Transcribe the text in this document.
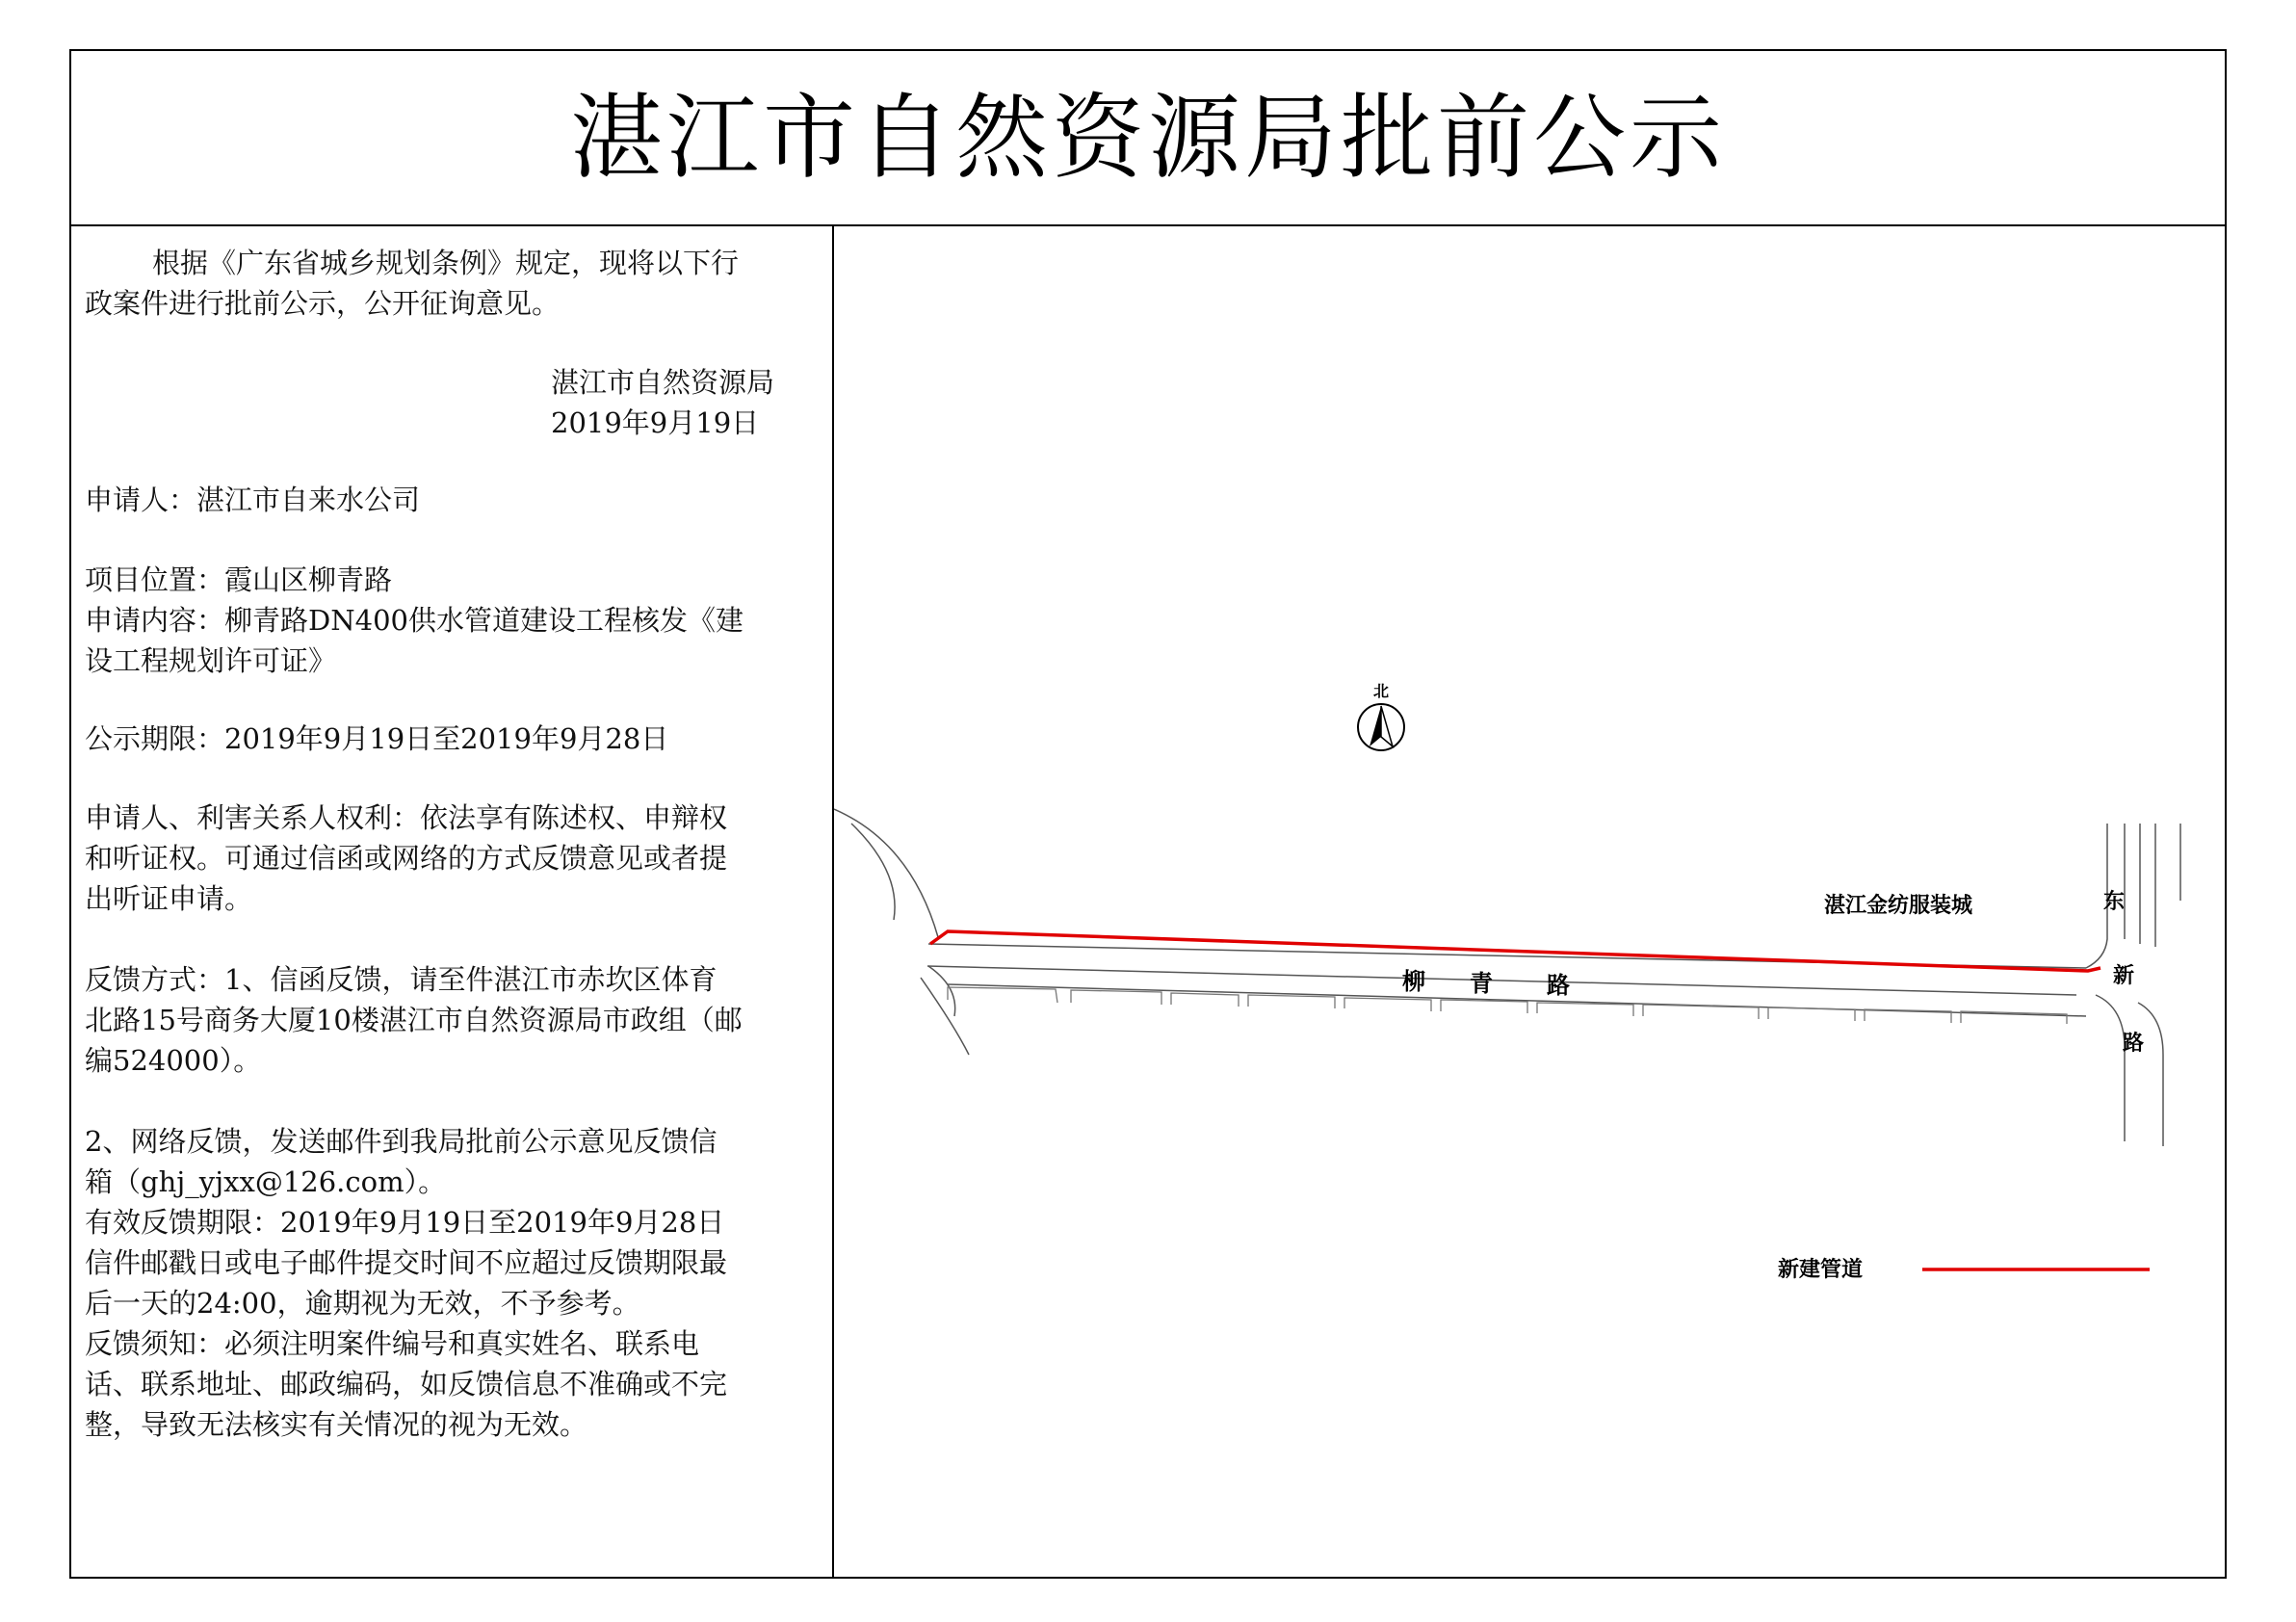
湛江市自然资源局批前公示
根据《广东省城乡规划条例》规定，现将以下行
政案件进行批前公示，公开征询意见。
湛江市自然资源局
2019年9月19日
申请人：湛江市自来水公司
项目位置：霞山区柳青路
申请内容：柳青路DN400供水管道建设工程核发《建
设工程规划许可证》
公示期限：2019年9月19日至2019年9月28日
申请人、利害关系人权利：依法享有陈述权、申辩权
和听证权。可通过信函或网络的方式反馈意见或者提
出听证申请。
反馈方式：1、信函反馈，请至件湛江市赤坎区体育
北路15号商务大厦10楼湛江市自然资源局市政组（邮
编524000）。
2、网络反馈，发送邮件到我局批前公示意见反馈信
箱（ghj_yjxx@126.com）。
有效反馈期限：2019年9月19日至2019年9月28日
信件邮戳日或电子邮件提交时间不应超过反馈期限最
后一天的24:00，逾期视为无效，不予参考。
反馈须知：必须注明案件编号和真实姓名、联系电
话、联系地址、邮政编码，如反馈信息不准确或不完
整，导致无法核实有关情况的视为无效。
北
柳 青 路
东
新
路
湛江金纺服装城
新建管道
